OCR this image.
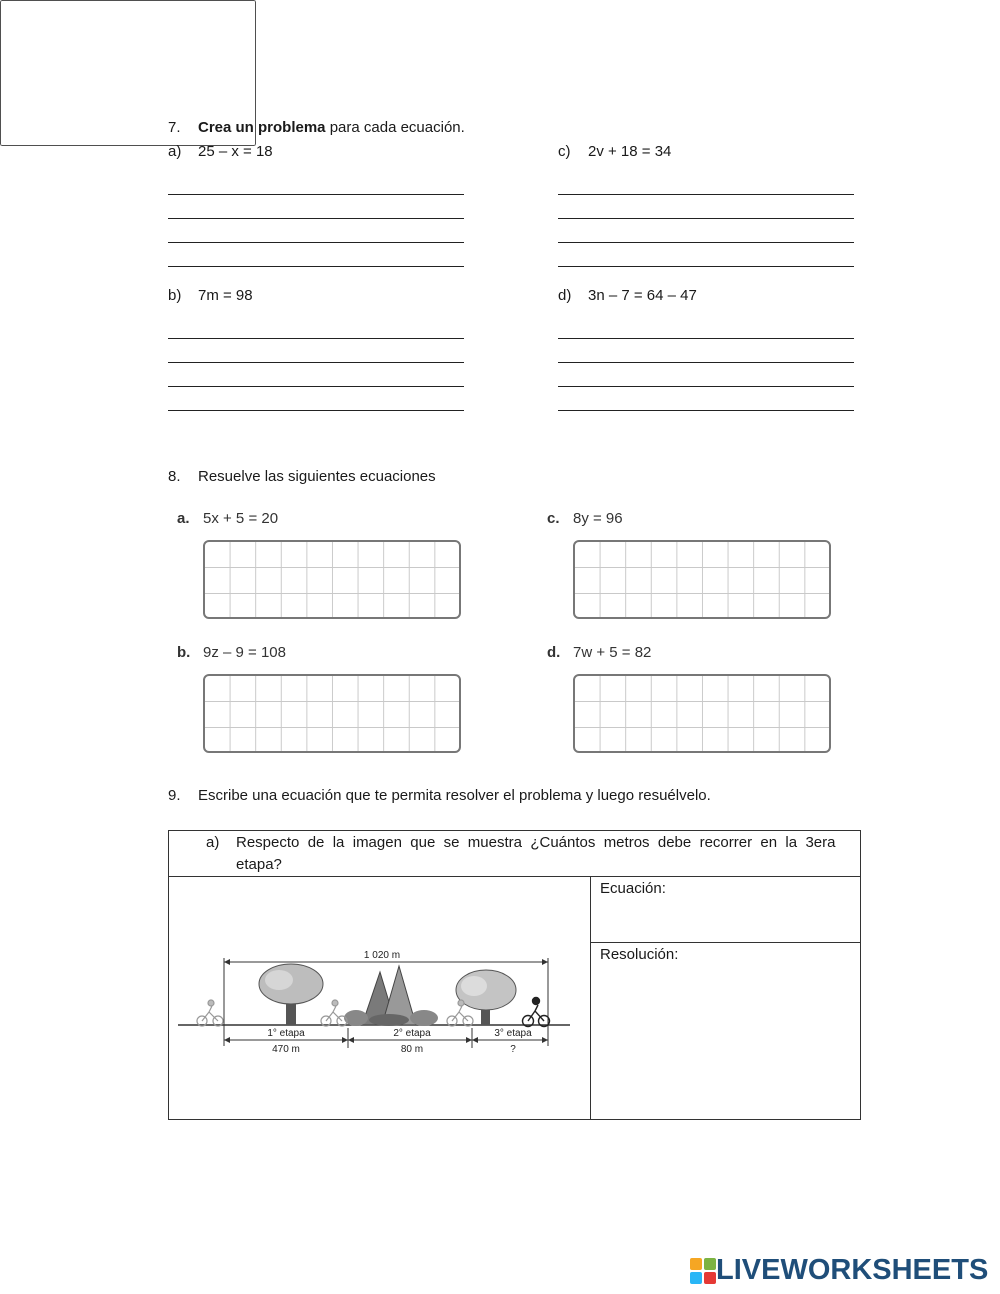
7. Crea un problema para cada ecuación.
a) 25 – x = 18	c) 2v + 18 = 34
b) 7m = 98	d) 3n – 7 = 64 – 47
8. Resuelve las siguientes ecuaciones
a. 5x + 5 = 20	c. 8y = 96
b. 9z – 9 = 108	d. 7w + 5 = 82
9. Escribe una ecuación que te permita resolver el problema y luego resuélvelo.
a) Respecto  de  la  imagen  que  se  muestra  ¿Cuántos  metros  debe  recorrer  en  la  3era
etapa?
Ecuación:
Resolución:
1 020 m
1° etapa
470 m
2° etapa
80 m
3° etapa
?
LIVEWORKSHEETS
